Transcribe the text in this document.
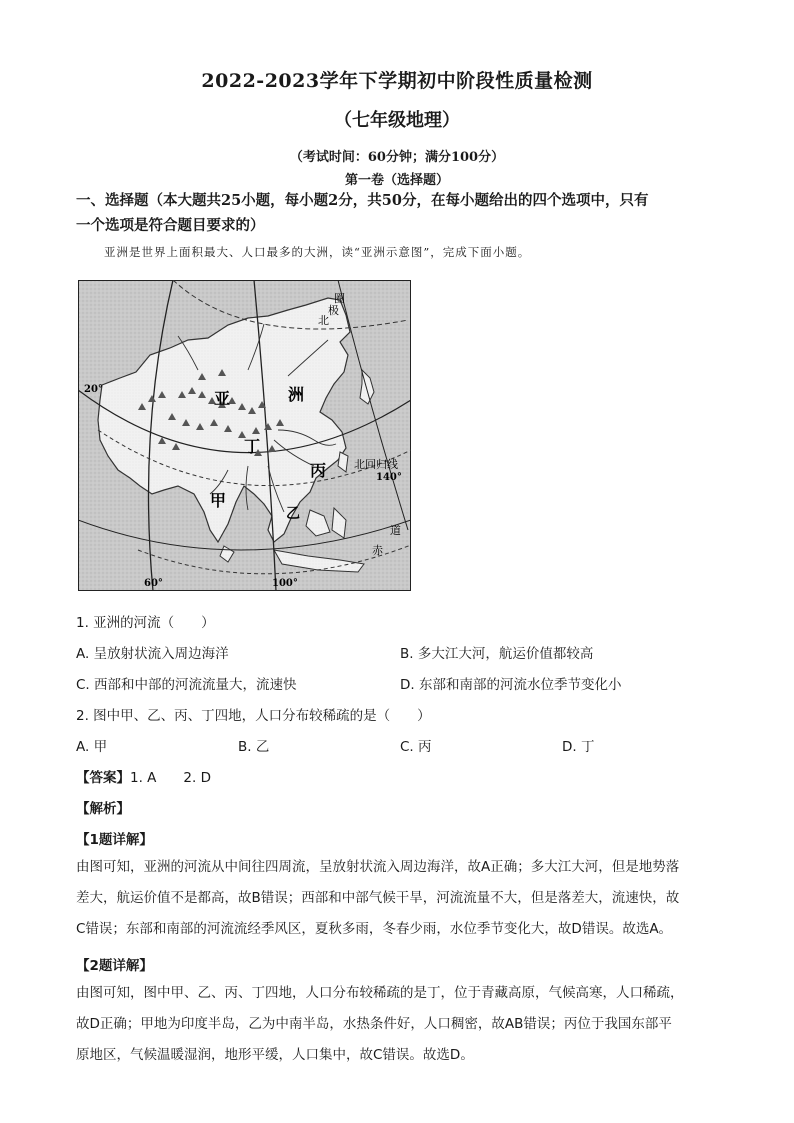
2022-2023学年下学期初中阶段性质量检测
（七年级地理）
（考试时间：60分钟；满分100分）
第一卷（选择题）
一、选择题（本大题共25小题，每小题2分，共50分，在每小题给出的四个选项中，只有
一个选项是符合题目要求的）
亚洲是世界上面积最大、人口最多的大洲，读“亚洲示意图”，完成下面小题。
亚	洲
丁
丙
甲
乙
圈
极
北
北回归线
赤
道
20°
140°
60°	100°
1. 亚洲的河流（　　）
A. 呈放射状流入周边海洋	B. 多大江大河，航运价值都较高
C. 西部和中部的河流流量大，流速快	D. 东部和南部的河流水位季节变化小
2. 图中甲、乙、丙、丁四地，人口分布较稀疏的是（　　）
A. 甲	B. 乙	C. 丙	D. 丁
【答案】1. A　　2. D
【解析】
【1题详解】
由图可知，亚洲的河流从中间往四周流，呈放射状流入周边海洋，故A正确；多大江大河，但是地势落
差大，航运价值不是都高，故B错误；西部和中部气候干旱，河流流量不大，但是落差大，流速快，故
C错误；东部和南部的河流流经季风区，夏秋多雨，冬春少雨，水位季节变化大，故D错误。故选A。
【2题详解】
由图可知，图中甲、乙、丙、丁四地，人口分布较稀疏的是丁，位于青藏高原，气候高寒，人口稀疏，
故D正确；甲地为印度半岛，乙为中南半岛，水热条件好，人口稠密，故AB错误；丙位于我国东部平
原地区，气候温暖湿润，地形平缓，人口集中，故C错误。故选D。
